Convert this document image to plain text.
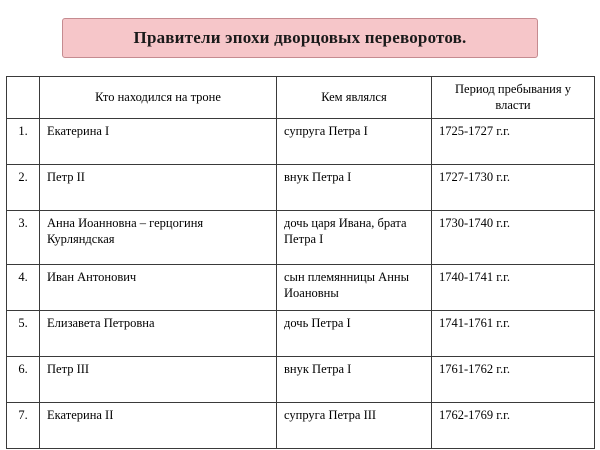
Правители эпохи дворцовых переворотов.
	Кто находился на троне	Кем являлся	Период пребывания у власти
1.	Екатерина I	супруга Петра I	1725-1727 г.г.
2.	Петр II	внук Петра I	1727-1730 г.г.
3.	Анна Иоанновна – герцогиня Курляндская	дочь царя Ивана, брата Петра I	1730-1740 г.г.
4.	Иван Антонович	сын племянницы Анны Иоановны	1740-1741 г.г.
5.	Елизавета Петровна	дочь Петра I	1741-1761 г.г.
6.	Петр III	внук Петра I	1761-1762 г.г.
7.	Екатерина II	супруга Петра III	1762-1769 г.г.
